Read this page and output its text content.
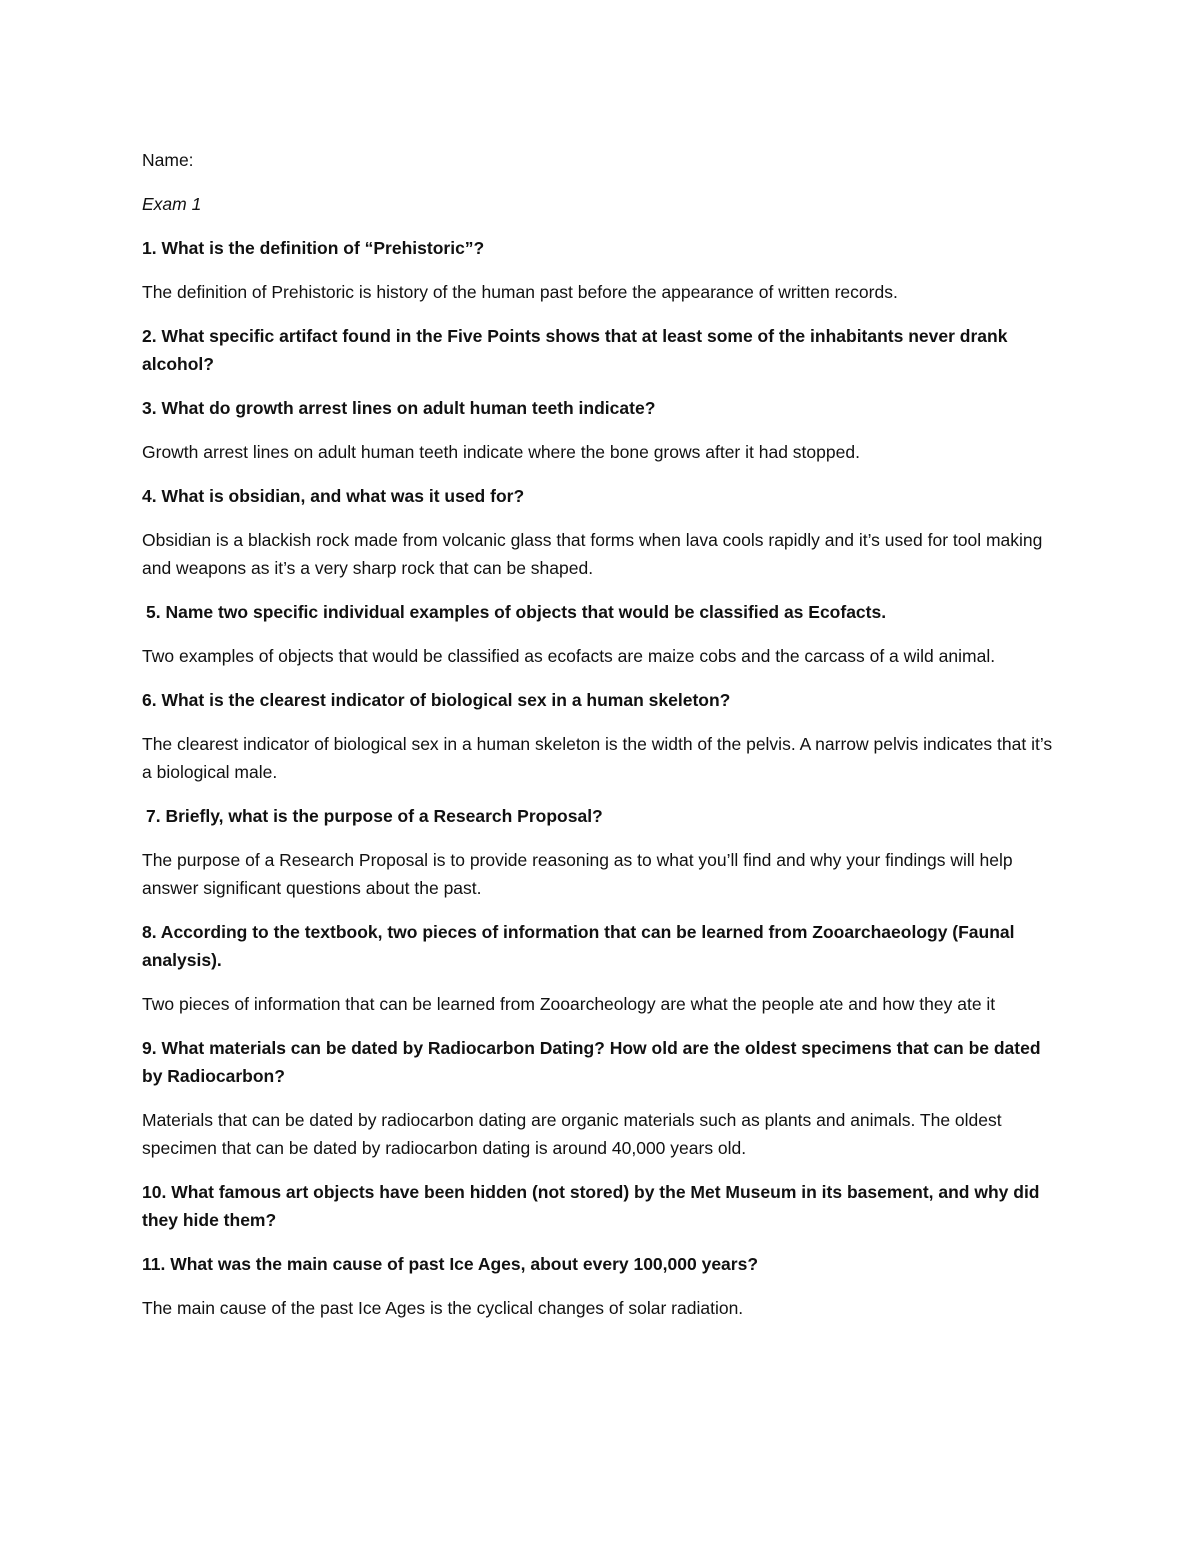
Name:

Exam 1

1. What is the definition of “Prehistoric”?

The definition of Prehistoric is history of the human past before the appearance of written records.

2. What specific artifact found in the Five Points shows that at least some of the inhabitants never drank alcohol?

3. What do growth arrest lines on adult human teeth indicate?

Growth arrest lines on adult human teeth indicate where the bone grows after it had stopped.

4. What is obsidian, and what was it used for?

Obsidian is a blackish rock made from volcanic glass that forms when lava cools rapidly and it’s used for tool making and weapons as it’s a very sharp rock that can be shaped.

5. Name two specific individual examples of objects that would be classified as Ecofacts.

Two examples of objects that would be classified as ecofacts are maize cobs and the carcass of a wild animal.

6. What is the clearest indicator of biological sex in a human skeleton?

The clearest indicator of biological sex in a human skeleton is the width of the pelvis. A narrow pelvis indicates that it’s a biological male.

7. Briefly, what is the purpose of a Research Proposal?

The purpose of a Research Proposal is to provide reasoning as to what you’ll find and why your findings will help answer significant questions about the past.

8. According to the textbook, two pieces of information that can be learned from Zooarchaeology (Faunal analysis).

Two pieces of information that can be learned from Zooarcheology are what the people ate and how they ate it

9. What materials can be dated by Radiocarbon Dating? How old are the oldest specimens that can be dated by Radiocarbon?

Materials that can be dated by radiocarbon dating are organic materials such as plants and animals. The oldest specimen that can be dated by radiocarbon dating is around 40,000 years old.

10. What famous art objects have been hidden (not stored) by the Met Museum in its basement, and why did they hide them?

11. What was the main cause of past Ice Ages, about every 100,000 years?

The main cause of the past Ice Ages is the cyclical changes of solar radiation.
